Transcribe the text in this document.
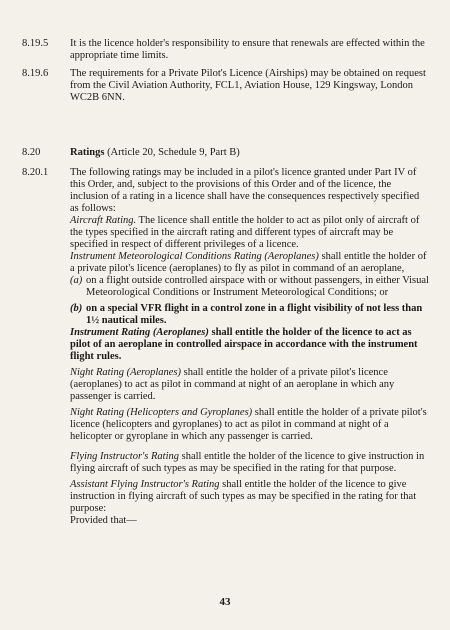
8.19.5 It is the licence holder's responsibility to ensure that renewals are effected within the appropriate time limits.

8.19.6 The requirements for a Private Pilot's Licence (Airships) may be obtained on request from the Civil Aviation Authority, FCL1, Aviation House, 129 Kingsway, London WC2B 6NN.

8.20	Ratings (Article 20, Schedule 9, Part B)

8.20.1 The following ratings may be included in a pilot's licence granted under Part IV of this Order, and, subject to the provisions of this Order and of the licence, the inclusion of a rating in a licence shall have the consequences respectively specified as follows:

Aircraft Rating. The licence shall entitle the holder to act as pilot only of aircraft of the types specified in the aircraft rating and different types of aircraft may be specified in respect of different privileges of a licence.

Instrument Meteorological Conditions Rating (Aeroplanes) shall entitle the holder of a private pilot's licence (aeroplanes) to fly as pilot in command of an aeroplane,

(a) on a flight outside controlled airspace with or without passengers, in either Visual Meteorological Conditions or Instrument Meteorological Conditions; or
(b) on a special VFR flight in a control zone in a flight visibility of not less than 1½ nautical miles.

Instrument Rating (Aeroplanes) shall entitle the holder of the licence to act as pilot of an aeroplane in controlled airspace in accordance with the instrument flight rules.

Night Rating (Aeroplanes) shall entitle the holder of a private pilot's licence (aeroplanes) to act as pilot in command at night of an aeroplane in which any passenger is carried.

Night Rating (Helicopters and Gyroplanes) shall entitle the holder of a private pilot's licence (helicopters and gyroplanes) to act as pilot in command at night of a helicopter or gyroplane in which any passenger is carried.

Flying Instructor's Rating shall entitle the holder of the licence to give instruction in flying aircraft of such types as may be specified in the rating for that purpose.

Assistant Flying Instructor's Rating shall entitle the holder of the licence to give instruction in flying aircraft of such types as may be specified in the rating for that purpose:

Provided that—

43
